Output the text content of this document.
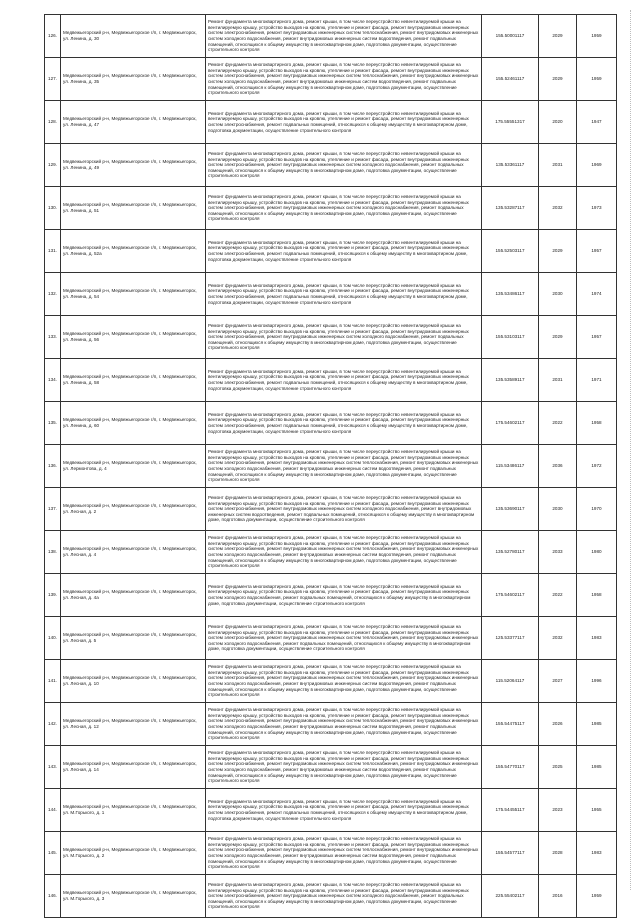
126.	Медвежьегорский р-н, Медвежьегорское г/п, г. Медвежьегорск, ул. Ленина, д. 30	Ремонт фундамента многоквартирного дома, ремонт крыши, в том числе переустройство невентилируемой крыши на вентилируемую крышу, устройство выходов на кровлю, утепление и ремонт фасада, ремонт внутридомовых инженерных систем электроснабжения, ремонт внутридомовых инженерных систем теплоснабжения, ремонт внутридомовых инженерных систем холодного водоснабжения, ремонт внутридомовых инженерных систем водоотведения, ремонт подвальных помещений, относящихся к общему имуществу в многоквартирном доме, подготовка документации, осуществление строительного контроля	155.50001117	2029	1959
127.	Медвежьегорский р-н, Медвежьегорское г/п, г. Медвежьегорск, ул. Ленина, д. 35	Ремонт фундамента многоквартирного дома, ремонт крыши, в том числе переустройство невентилируемой крыши на вентилируемую крышу, устройство выходов на кровлю, утепление и ремонт фасада, ремонт внутридомовых инженерных систем электроснабжения, ремонт внутридомовых инженерных систем теплоснабжения, ремонт внутридомовых инженерных систем холодного водоснабжения, ремонт внутридомовых инженерных систем водоотведения, ремонт подвальных помещений, относящихся к общему имуществу в многоквартирном доме, подготовка документации, осуществление строительного контроля	155.52461117	2029	1959
128.	Медвежьегорский р-н, Медвежьегорское г/п, г. Медвежьегорск, ул. Ленина, д. 47	Ремонт фундамента многоквартирного дома, ремонт крыши, в том числе переустройство невентилируемой крыши на вентилируемую крышу, устройство выходов на кровлю, утепление и ремонт фасада, ремонт внутридомовых инженерных систем электроснабжения, ремонт подвальных помещений, относящихся к общему имуществу в многоквартирном доме, подготовка документации, осуществление строительного контроля	175.55551317	2020	1947
129.	Медвежьегорский р-н, Медвежьегорское г/п, г. Медвежьегорск, ул. Ленина, д. 49	Ремонт фундамента многоквартирного дома, ремонт крыши, в том числе переустройство невентилируемой крыши на вентилируемую крышу, устройство выходов на кровлю, утепление и ремонт фасада, ремонт внутридомовых инженерных систем электроснабжения, ремонт внутридомовых инженерных систем холодного водоснабжения, ремонт подвальных помещений, относящихся к общему имуществу в многоквартирном доме, подготовка документации, осуществление строительного контроля	135.53361117	2031	1969
130.	Медвежьегорский р-н, Медвежьегорское г/п, г. Медвежьегорск, ул. Ленина, д. 51	Ремонт фундамента многоквартирного дома, ремонт крыши, в том числе переустройство невентилируемой крыши на вентилируемую крышу, устройство выходов на кровлю, утепление и ремонт фасада, ремонт внутридомовых инженерных систем электроснабжения, ремонт внутридомовых инженерных систем холодного водоснабжения, ремонт подвальных помещений, относящихся к общему имуществу в многоквартирном доме, подготовка документации, осуществление строительного контроля	135.53287117	2032	1973
131.	Медвежьегорский р-н, Медвежьегорское г/п, г. Медвежьегорск, ул. Ленина, д. 52а	Ремонт фундамента многоквартирного дома, ремонт крыши, в том числе переустройство невентилируемой крыши на вентилируемую крышу, устройство выходов на кровлю, утепление и ремонт фасада, ремонт внутридомовых инженерных систем электроснабжения, ремонт подвальных помещений, относящихся к общему имуществу в многоквартирном доме, подготовка документации, осуществление строительного контроля	155.52503117	2029	1957
132.	Медвежьегорский р-н, Медвежьегорское г/п, г. Медвежьегорск, ул. Ленина, д. 54	Ремонт фундамента многоквартирного дома, ремонт крыши, в том числе переустройство невентилируемой крыши на вентилируемую крышу, устройство выходов на кровлю, утепление и ремонт фасада, ремонт внутридомовых инженерных систем электроснабжения, ремонт подвальных помещений, относящихся к общему имуществу в многоквартирном доме, подготовка документации, осуществление строительного контроля	135.53486117	2030	1974
133.	Медвежьегорский р-н, Медвежьегорское г/п, г. Медвежьегорск, ул. Ленина, д. 56	Ремонт фундамента многоквартирного дома, ремонт крыши, в том числе переустройство невентилируемой крыши на вентилируемую крышу, устройство выходов на кровлю, утепление и ремонт фасада, ремонт внутридомовых инженерных систем электроснабжения, ремонт внутридомовых инженерных систем холодного водоснабжения, ремонт подвальных помещений, относящихся к общему имуществу в многоквартирном доме, подготовка документации, осуществление строительного контроля	155.53103117	2029	1957
134.	Медвежьегорский р-н, Медвежьегорское г/п, г. Медвежьегорск, ул. Ленина, д. 58	Ремонт фундамента многоквартирного дома, ремонт крыши, в том числе переустройство невентилируемой крыши на вентилируемую крышу, устройство выходов на кровлю, утепление и ремонт фасада, ремонт внутридомовых инженерных систем электроснабжения, ремонт подвальных помещений, относящихся к общему имуществу в многоквартирном доме, подготовка документации, осуществление строительного контроля	135.53589117	2031	1971
135.	Медвежьегорский р-н, Медвежьегорское г/п, г. Медвежьегорск, ул. Ленина, д. 60	Ремонт фундамента многоквартирного дома, ремонт крыши, в том числе переустройство невентилируемой крыши на вентилируемую крышу, устройство выходов на кровлю, утепление и ремонт фасада, ремонт внутридомовых инженерных систем электроснабжения, ремонт подвальных помещений, относящихся к общему имуществу в многоквартирном доме, подготовка документации, осуществление строительного контроля	175.54602117	2022	1958
136.	Медвежьегорский р-н, Медвежьегорское г/п, г. Медвежьегорск, ул. Лермонтова, д. 4	Ремонт фундамента многоквартирного дома, ремонт крыши, в том числе переустройство невентилируемой крыши на вентилируемую крышу, устройство выходов на кровлю, утепление и ремонт фасада, ремонт внутридомовых инженерных систем электроснабжения, ремонт внутридомовых инженерных систем теплоснабжения, ремонт внутридомовых инженерных систем холодного водоснабжения, ремонт внутридомовых инженерных систем водоотведения, ремонт подвальных помещений, относящихся к общему имуществу в многоквартирном доме, подготовка документации, осуществление строительного контроля	115.53486117	2036	1972
137.	Медвежьегорский р-н, Медвежьегорское г/п, г. Медвежьегорск, ул. Лесная, д. 2	Ремонт фундамента многоквартирного дома, ремонт крыши, в том числе переустройство невентилируемой крыши на вентилируемую крышу, устройство выходов на кровлю, утепление и ремонт фасада, ремонт внутридомовых инженерных систем электроснабжения, ремонт внутридомовых инженерных систем холодного водоснабжения, ремонт внутридомовых инженерных систем водоотведения, ремонт подвальных помещений, относящихся к общему имуществу в многоквартирном доме, подготовка документации, осуществление строительного контроля	135.53690117	2030	1970
138.	Медвежьегорский р-н, Медвежьегорское г/п, г. Медвежьегорск, ул. Лесная, д. 4	Ремонт фундамента многоквартирного дома, ремонт крыши, в том числе переустройство невентилируемой крыши на вентилируемую крышу, устройство выходов на кровлю, утепление и ремонт фасада, ремонт внутридомовых инженерных систем электроснабжения, ремонт внутридомовых инженерных систем теплоснабжения, ремонт внутридомовых инженерных систем холодного водоснабжения, ремонт внутридомовых инженерных систем водоотведения, ремонт подвальных помещений, относящихся к общему имуществу в многоквартирном доме, подготовка документации, осуществление строительного контроля	135.52780117	2033	1980
139.	Медвежьегорский р-н, Медвежьегорское г/п, г. Медвежьегорск, ул. Лесная, д. 4а	Ремонт фундамента многоквартирного дома, ремонт крыши, в том числе переустройство невентилируемой крыши на вентилируемую крышу, устройство выходов на кровлю, утепление и ремонт фасада, ремонт внутридомовых инженерных систем холодного водоснабжения, ремонт подвальных помещений, относящихся к общему имуществу в многоквартирном доме, подготовка документации, осуществление строительного контроля	175.54602117	2022	1958
140.	Медвежьегорский р-н, Медвежьегорское г/п, г. Медвежьегорск, ул. Лесная, д. 5	Ремонт фундамента многоквартирного дома, ремонт крыши, в том числе переустройство невентилируемой крыши на вентилируемую крышу, устройство выходов на кровлю, утепление и ремонт фасада, ремонт внутридомовых инженерных систем электроснабжения, ремонт внутридомовых инженерных систем теплоснабжения, ремонт внутридомовых инженерных систем холодного водоснабжения, ремонт подвальных помещений, относящихся к общему имуществу в многоквартирном доме, подготовка документации, осуществление строительного контроля	125.53377117	2032	1983
141.	Медвежьегорский р-н, Медвежьегорское г/п, г. Медвежьегорск, ул. Лесная, д. 10	Ремонт фундамента многоквартирного дома, ремонт крыши, в том числе переустройство невентилируемой крыши на вентилируемую крышу, устройство выходов на кровлю, утепление и ремонт фасада, ремонт внутридомовых инженерных систем электроснабжения, ремонт внутридомовых инженерных систем теплоснабжения, ремонт внутридомовых инженерных систем холодного водоснабжения, ремонт внутридомовых инженерных систем водоотведения, ремонт подвальных помещений, относящихся к общему имуществу в многоквартирном доме, подготовка документации, осуществление строительного контроля	115.52064117	2027	1996
142.	Медвежьегорский р-н, Медвежьегорское г/п, г. Медвежьегорск, ул. Лесная, д. 12	Ремонт фундамента многоквартирного дома, ремонт крыши, в том числе переустройство невентилируемой крыши на вентилируемую крышу, устройство выходов на кровлю, утепление и ремонт фасада, ремонт внутридомовых инженерных систем электроснабжения, ремонт внутридомовых инженерных систем теплоснабжения, ремонт внутридомовых инженерных систем холодного водоснабжения, ремонт внутридомовых инженерных систем водоотведения, ремонт подвальных помещений, относящихся к общему имуществу в многоквартирном доме, подготовка документации, осуществление строительного контроля	155.54475117	2026	1985
143.	Медвежьегорский р-н, Медвежьегорское г/п, г. Медвежьегорск, ул. Лесная, д. 14	Ремонт фундамента многоквартирного дома, ремонт крыши, в том числе переустройство невентилируемой крыши на вентилируемую крышу, устройство выходов на кровлю, утепление и ремонт фасада, ремонт внутридомовых инженерных систем электроснабжения, ремонт внутридомовых инженерных систем теплоснабжения, ремонт внутридомовых инженерных систем холодного водоснабжения, ремонт внутридомовых инженерных систем водоотведения, ремонт подвальных помещений, относящихся к общему имуществу в многоквартирном доме, подготовка документации, осуществление строительного контроля	155.54770117	2025	1985
144.	Медвежьегорский р-н, Медвежьегорское г/п, г. Медвежьегорск, ул. М.Горького, д. 1	Ремонт фундамента многоквартирного дома, ремонт крыши, в том числе переустройство невентилируемой крыши на вентилируемую крышу, устройство выходов на кровлю, утепление и ремонт фасада, ремонт внутридомовых инженерных систем электроснабжения, ремонт подвальных помещений, относящихся к общему имуществу в многоквартирном доме, подготовка документации, осуществление строительного контроля	175.54455117	2023	1955
145.	Медвежьегорский р-н, Медвежьегорское г/п, г. Медвежьегорск, ул. М.Горького, д. 2	Ремонт фундамента многоквартирного дома, ремонт крыши, в том числе переустройство невентилируемой крыши на вентилируемую крышу, устройство выходов на кровлю, утепление и ремонт фасада, ремонт внутридомовых инженерных систем электроснабжения, ремонт внутридомовых инженерных систем теплоснабжения, ремонт внутридомовых инженерных систем холодного водоснабжения, ремонт внутридомовых инженерных систем водоотведения, ремонт подвальных помещений, относящихся к общему имуществу в многоквартирном доме, подготовка документации, осуществление строительного контроля	155.54577117	2028	1983
146.	Медвежьегорский р-н, Медвежьегорское г/п, г. Медвежьегорск, ул. М.Горького, д. 3	Ремонт фундамента многоквартирного дома, ремонт крыши, в том числе переустройство невентилируемой крыши на вентилируемую крышу, устройство выходов на кровлю, утепление и ремонт фасада, ремонт внутридомовых инженерных систем электроснабжения, ремонт внутридомовых инженерных систем холодного водоснабжения, ремонт подвальных помещений, относящихся к общему имуществу в многоквартирном доме, подготовка документации, осуществление строительного контроля	225.55402117	2016	1959
